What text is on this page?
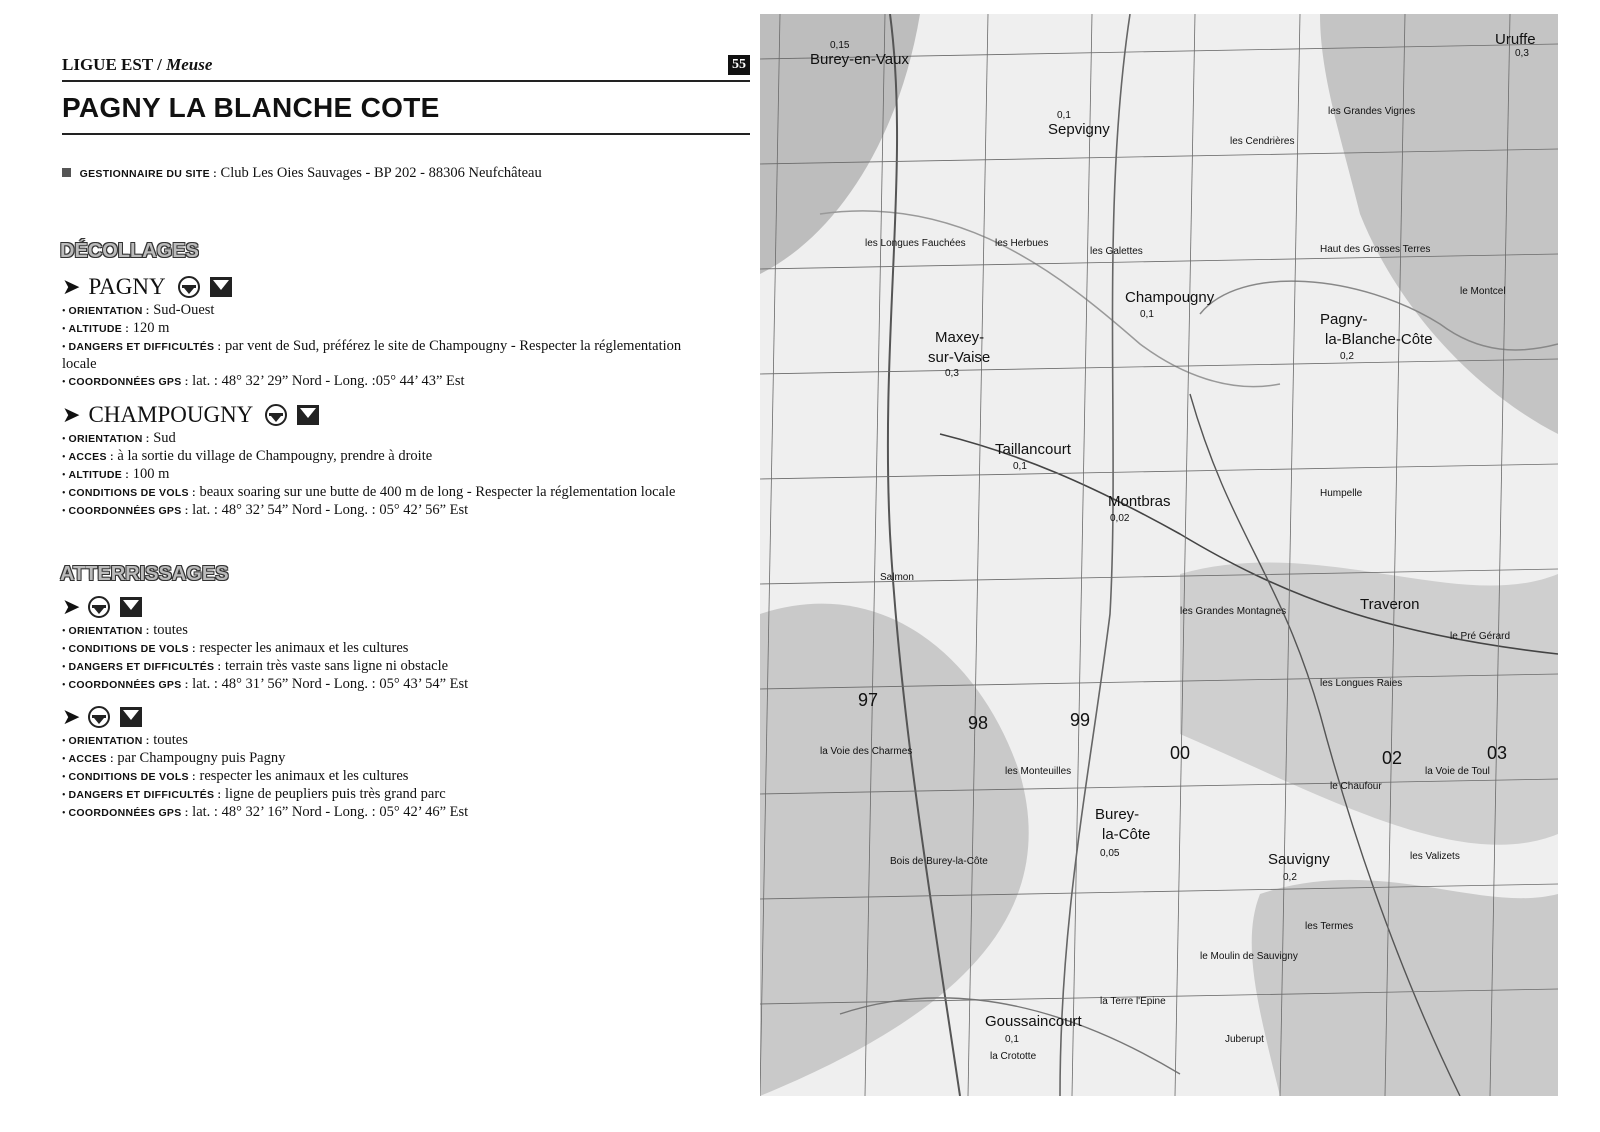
LIGUE EST / Meuse	55
PAGNY LA BLANCHE COTE
GESTIONNAIRE DU SITE : Club Les Oies Sauvages - BP 202 - 88306 Neufchâteau
DÉCOLLAGES
➤ PAGNY
• ORIENTATION : Sud-Ouest
• ALTITUDE : 120 m
• DANGERS ET DIFFICULTÉS : par vent de Sud, préférez le site de Champougny - Respecter la réglementation
locale
• COORDONNÉES GPS : lat. : 48° 32’ 29” Nord - Long. :05° 44’ 43” Est
➤ CHAMPOUGNY
• ORIENTATION : Sud
• ACCES : à la sortie du village de Champougny, prendre à droite
• ALTITUDE : 100 m
• CONDITIONS DE VOLS : beaux soaring sur une butte de 400 m de long - Respecter la réglementation locale
• COORDONNÉES GPS : lat. : 48° 32’ 54” Nord - Long. : 05° 42’ 56” Est
ATTERRISSAGES
➤
• ORIENTATION : toutes
• CONDITIONS DE VOLS : respecter les animaux et les cultures
• DANGERS ET DIFFICULTÉS : terrain très vaste sans ligne ni obstacle
• COORDONNÉES GPS : lat. : 48° 31’ 56” Nord - Long. : 05° 43’ 54” Est
➤
• ORIENTATION : toutes
• ACCES : par Champougny puis Pagny
• CONDITIONS DE VOLS : respecter les animaux et les cultures
• DANGERS ET DIFFICULTÉS : ligne de peupliers puis très grand parc
• COORDONNÉES GPS : lat. : 48° 32’ 16” Nord - Long. : 05° 42’ 46” Est
Burey-en-Vaux
Sepvigny
Uruffe
Champougny
Pagny-
la-Blanche-Côte
Maxey-
sur-Vaise
Taillancourt
Montbras
Traveron
Burey-
la-Côte
Sauvigny
Goussaincourt
0,15
0,1
0,3
0,1
0,2
0,3
0,1
0,02
0,05
0,2
0,1
les Grandes Vignes
les Cendrières
Haut des Grosses Terres
les Herbues
les Galettes
les Longues Fauchées
le Montcel
Humpelle
Salmon
les Grandes Montagnes
les Longues Raies
le Pré Gérard
la Voie des Charmes
les Monteuilles
le Chaufour
la Voie de Toul
les Valizets
Bois de Burey-la-Côte
les Termes
le Moulin de Sauvigny
la Terre l'Epine
la Crototte
Juberupt
97
98	99
00	02	03
